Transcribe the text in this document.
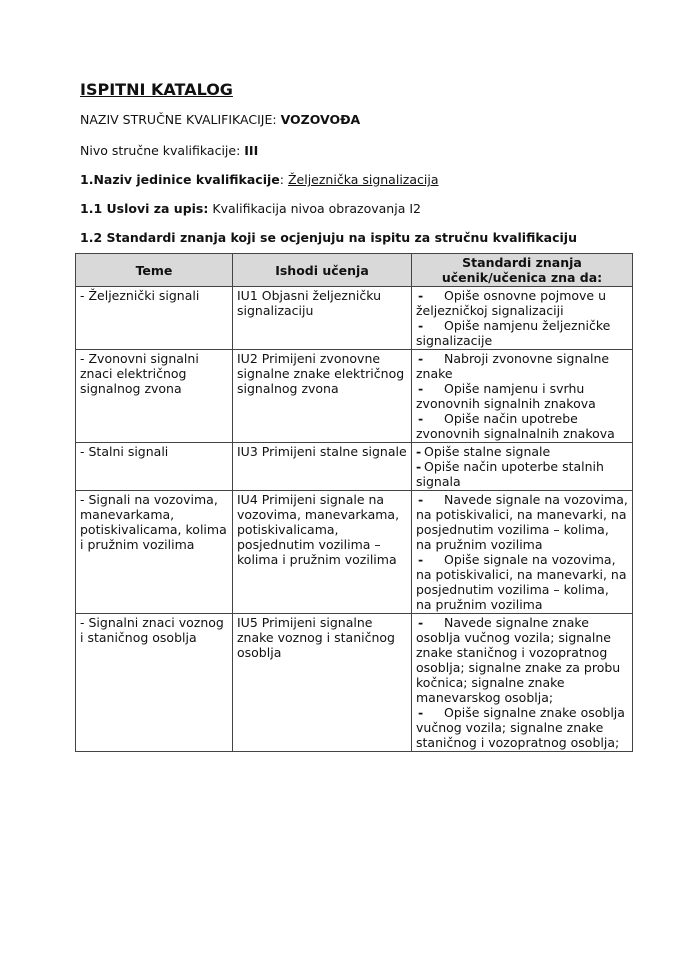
ISPITNI KATALOG

NAZIV STRUČNE KVALIFIKACIJE: VOZOVOĐA

Nivo stručne kvalifikacije: III

1.Naziv jedinice kvalifikacije: Željeznička signalizacija

1.1 Uslovi za upis: Kvalifikacija nivoa obrazovanja I2

1.2 Standardi znanja koji se ocjenjuju na ispitu za stručnu kvalifikaciju

Teme	Ishodi učenja	Standardi znanja učenik/učenica zna da:
- Željeznički signali	IU1 Objasni željezničku signalizaciju	- Opiše osnovne pojmove u željezničkoj signalizaciji
- Opiše namjenu željezničke signalizacije

- Zvonovni signalni znaci električnog signalnog zvona	IU2 Primijeni zvonovne signalne znake električnog signalnog zvona	- Nabroji zvonovne signalne znake
- Opiše namjenu i svrhu zvonovnih signalnih znakova
- Opiše način upotrebe zvonovnih signalnalnih znakova

- Stalni signali	IU3 Primijeni stalne signale	- Opiše stalne signale
- Opiše način upoterbe stalnih signala

- Signali na vozovima, manevarkama, potiskivalicama, kolima i pružnim vozilima	IU4 Primijeni signale na vozovima, manevarkama, potiskivalicama, posjednutim vozilima – kolima i pružnim vozilima	- Navede signale na vozovima, na potiskivalici, na manevarki, na posjednutim vozilima – kolima, na pružnim vozilima
- Opiše signale na vozovima, na potiskivalici, na manevarki, na posjednutim vozilima – kolima, na pružnim vozilima

- Signalni znaci voznog i staničnog osoblja	IU5 Primijeni signalne znake voznog i staničnog osoblja	- Navede signalne znake osoblja vučnog vozila; signalne znake staničnog i vozopratnog osoblja; signalne znake za probu kočnica; signalne znake manevarskog osoblja;
- Opiše signalne znake osoblja vučnog vozila; signalne znake staničnog i vozopratnog osoblja;
